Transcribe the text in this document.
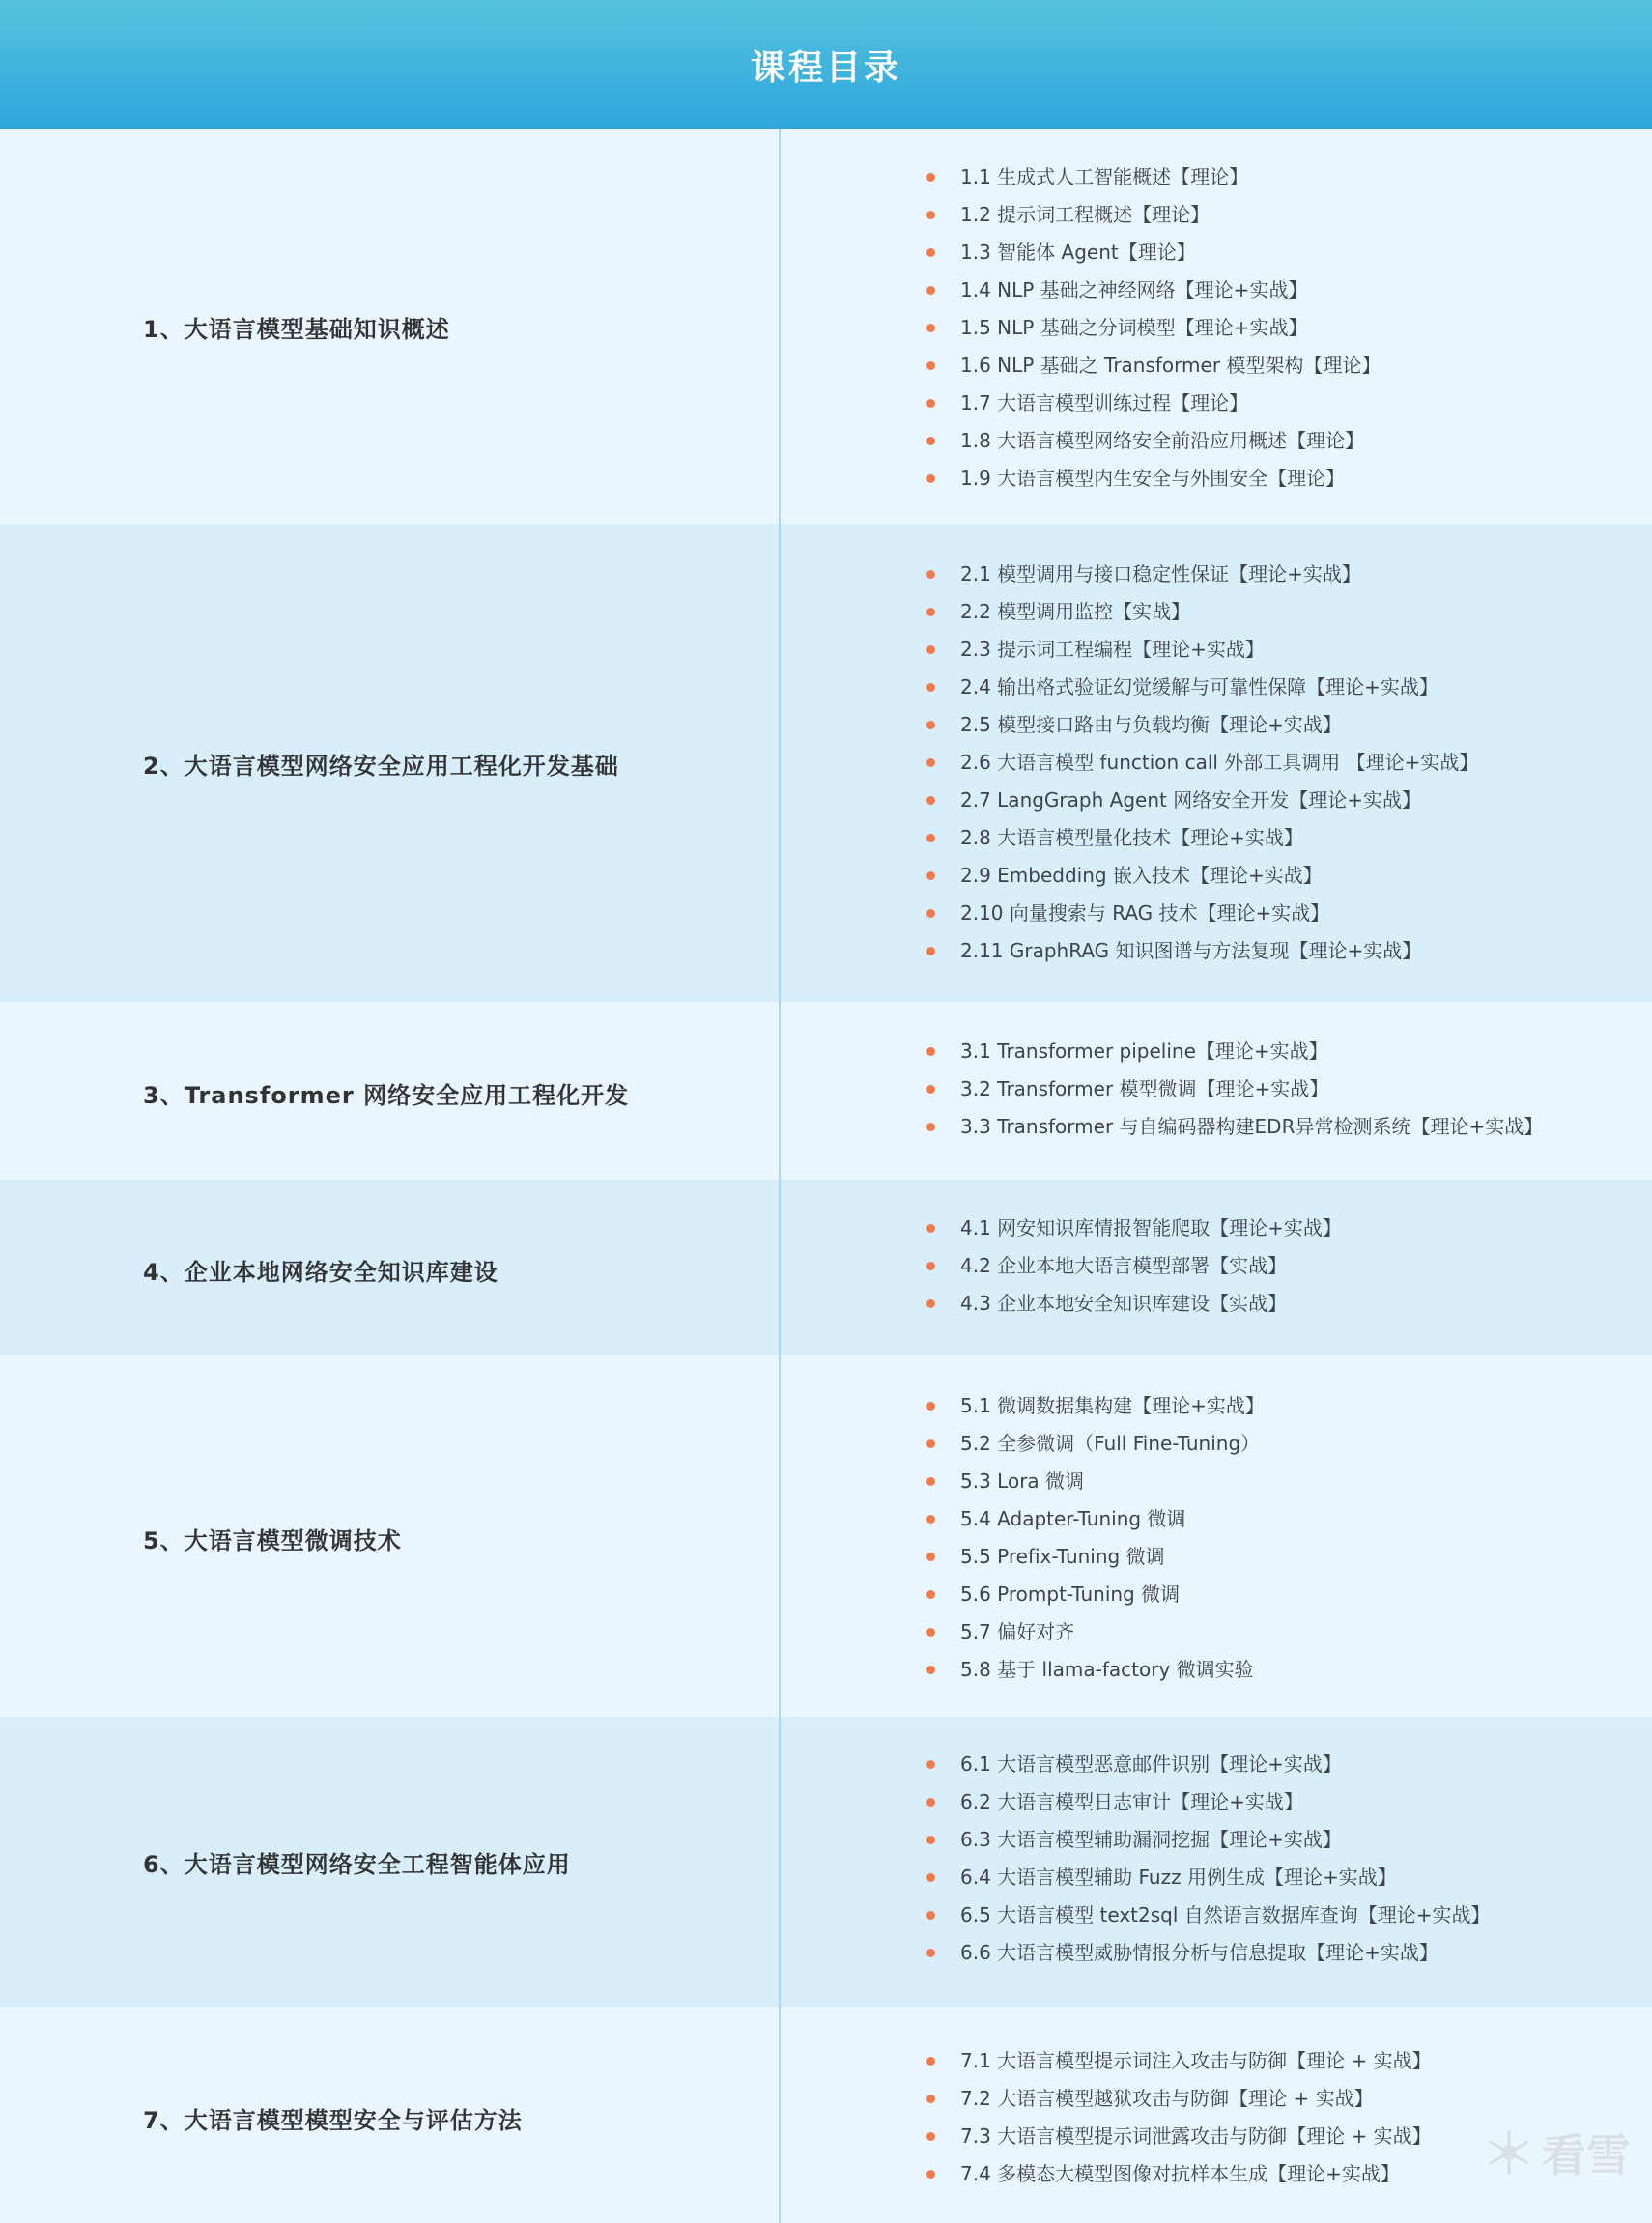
课程目录
1、大语言模型基础知识概述
1.1 生成式人工智能概述【理论】
1.2 提示词工程概述【理论】
1.3 智能体 Agent【理论】
1.4 NLP 基础之神经网络【理论+实战】
1.5 NLP 基础之分词模型【理论+实战】
1.6 NLP 基础之 Transformer 模型架构【理论】
1.7 大语言模型训练过程【理论】
1.8 大语言模型网络安全前沿应用概述【理论】
1.9 大语言模型内生安全与外围安全【理论】
2、大语言模型网络安全应用工程化开发基础
2.1 模型调用与接口稳定性保证【理论+实战】
2.2 模型调用监控【实战】
2.3 提示词工程编程【理论+实战】
2.4 输出格式验证幻觉缓解与可靠性保障【理论+实战】
2.5 模型接口路由与负载均衡【理论+实战】
2.6 大语言模型 function call 外部工具调用 【理论+实战】
2.7 LangGraph Agent 网络安全开发【理论+实战】
2.8 大语言模型量化技术【理论+实战】
2.9 Embedding 嵌入技术【理论+实战】
2.10 向量搜索与 RAG 技术【理论+实战】
2.11 GraphRAG 知识图谱与方法复现【理论+实战】
3、Transformer 网络安全应用工程化开发
3.1 Transformer pipeline【理论+实战】
3.2 Transformer 模型微调【理论+实战】
3.3 Transformer 与自编码器构建EDR异常检测系统【理论+实战】
4、企业本地网络安全知识库建设
4.1 网安知识库情报智能爬取【理论+实战】
4.2 企业本地大语言模型部署【实战】
4.3 企业本地安全知识库建设【实战】
5、大语言模型微调技术
5.1 微调数据集构建【理论+实战】
5.2 全参微调（Full Fine-Tuning）
5.3 Lora 微调
5.4 Adapter-Tuning 微调
5.5 Prefix-Tuning 微调
5.6 Prompt-Tuning 微调
5.7 偏好对齐
5.8 基于 llama-factory 微调实验
6、大语言模型网络安全工程智能体应用
6.1 大语言模型恶意邮件识别【理论+实战】
6.2 大语言模型日志审计【理论+实战】
6.3 大语言模型辅助漏洞挖掘【理论+实战】
6.4 大语言模型辅助 Fuzz 用例生成【理论+实战】
6.5 大语言模型 text2sql 自然语言数据库查询【理论+实战】
6.6 大语言模型威胁情报分析与信息提取【理论+实战】
7、大语言模型模型安全与评估方法
7.1 大语言模型提示词注入攻击与防御【理论 + 实战】
7.2 大语言模型越狱攻击与防御【理论 + 实战】
7.3 大语言模型提示词泄露攻击与防御【理论 + 实战】
7.4 多模态大模型图像对抗样本生成【理论+实战】	看雪
